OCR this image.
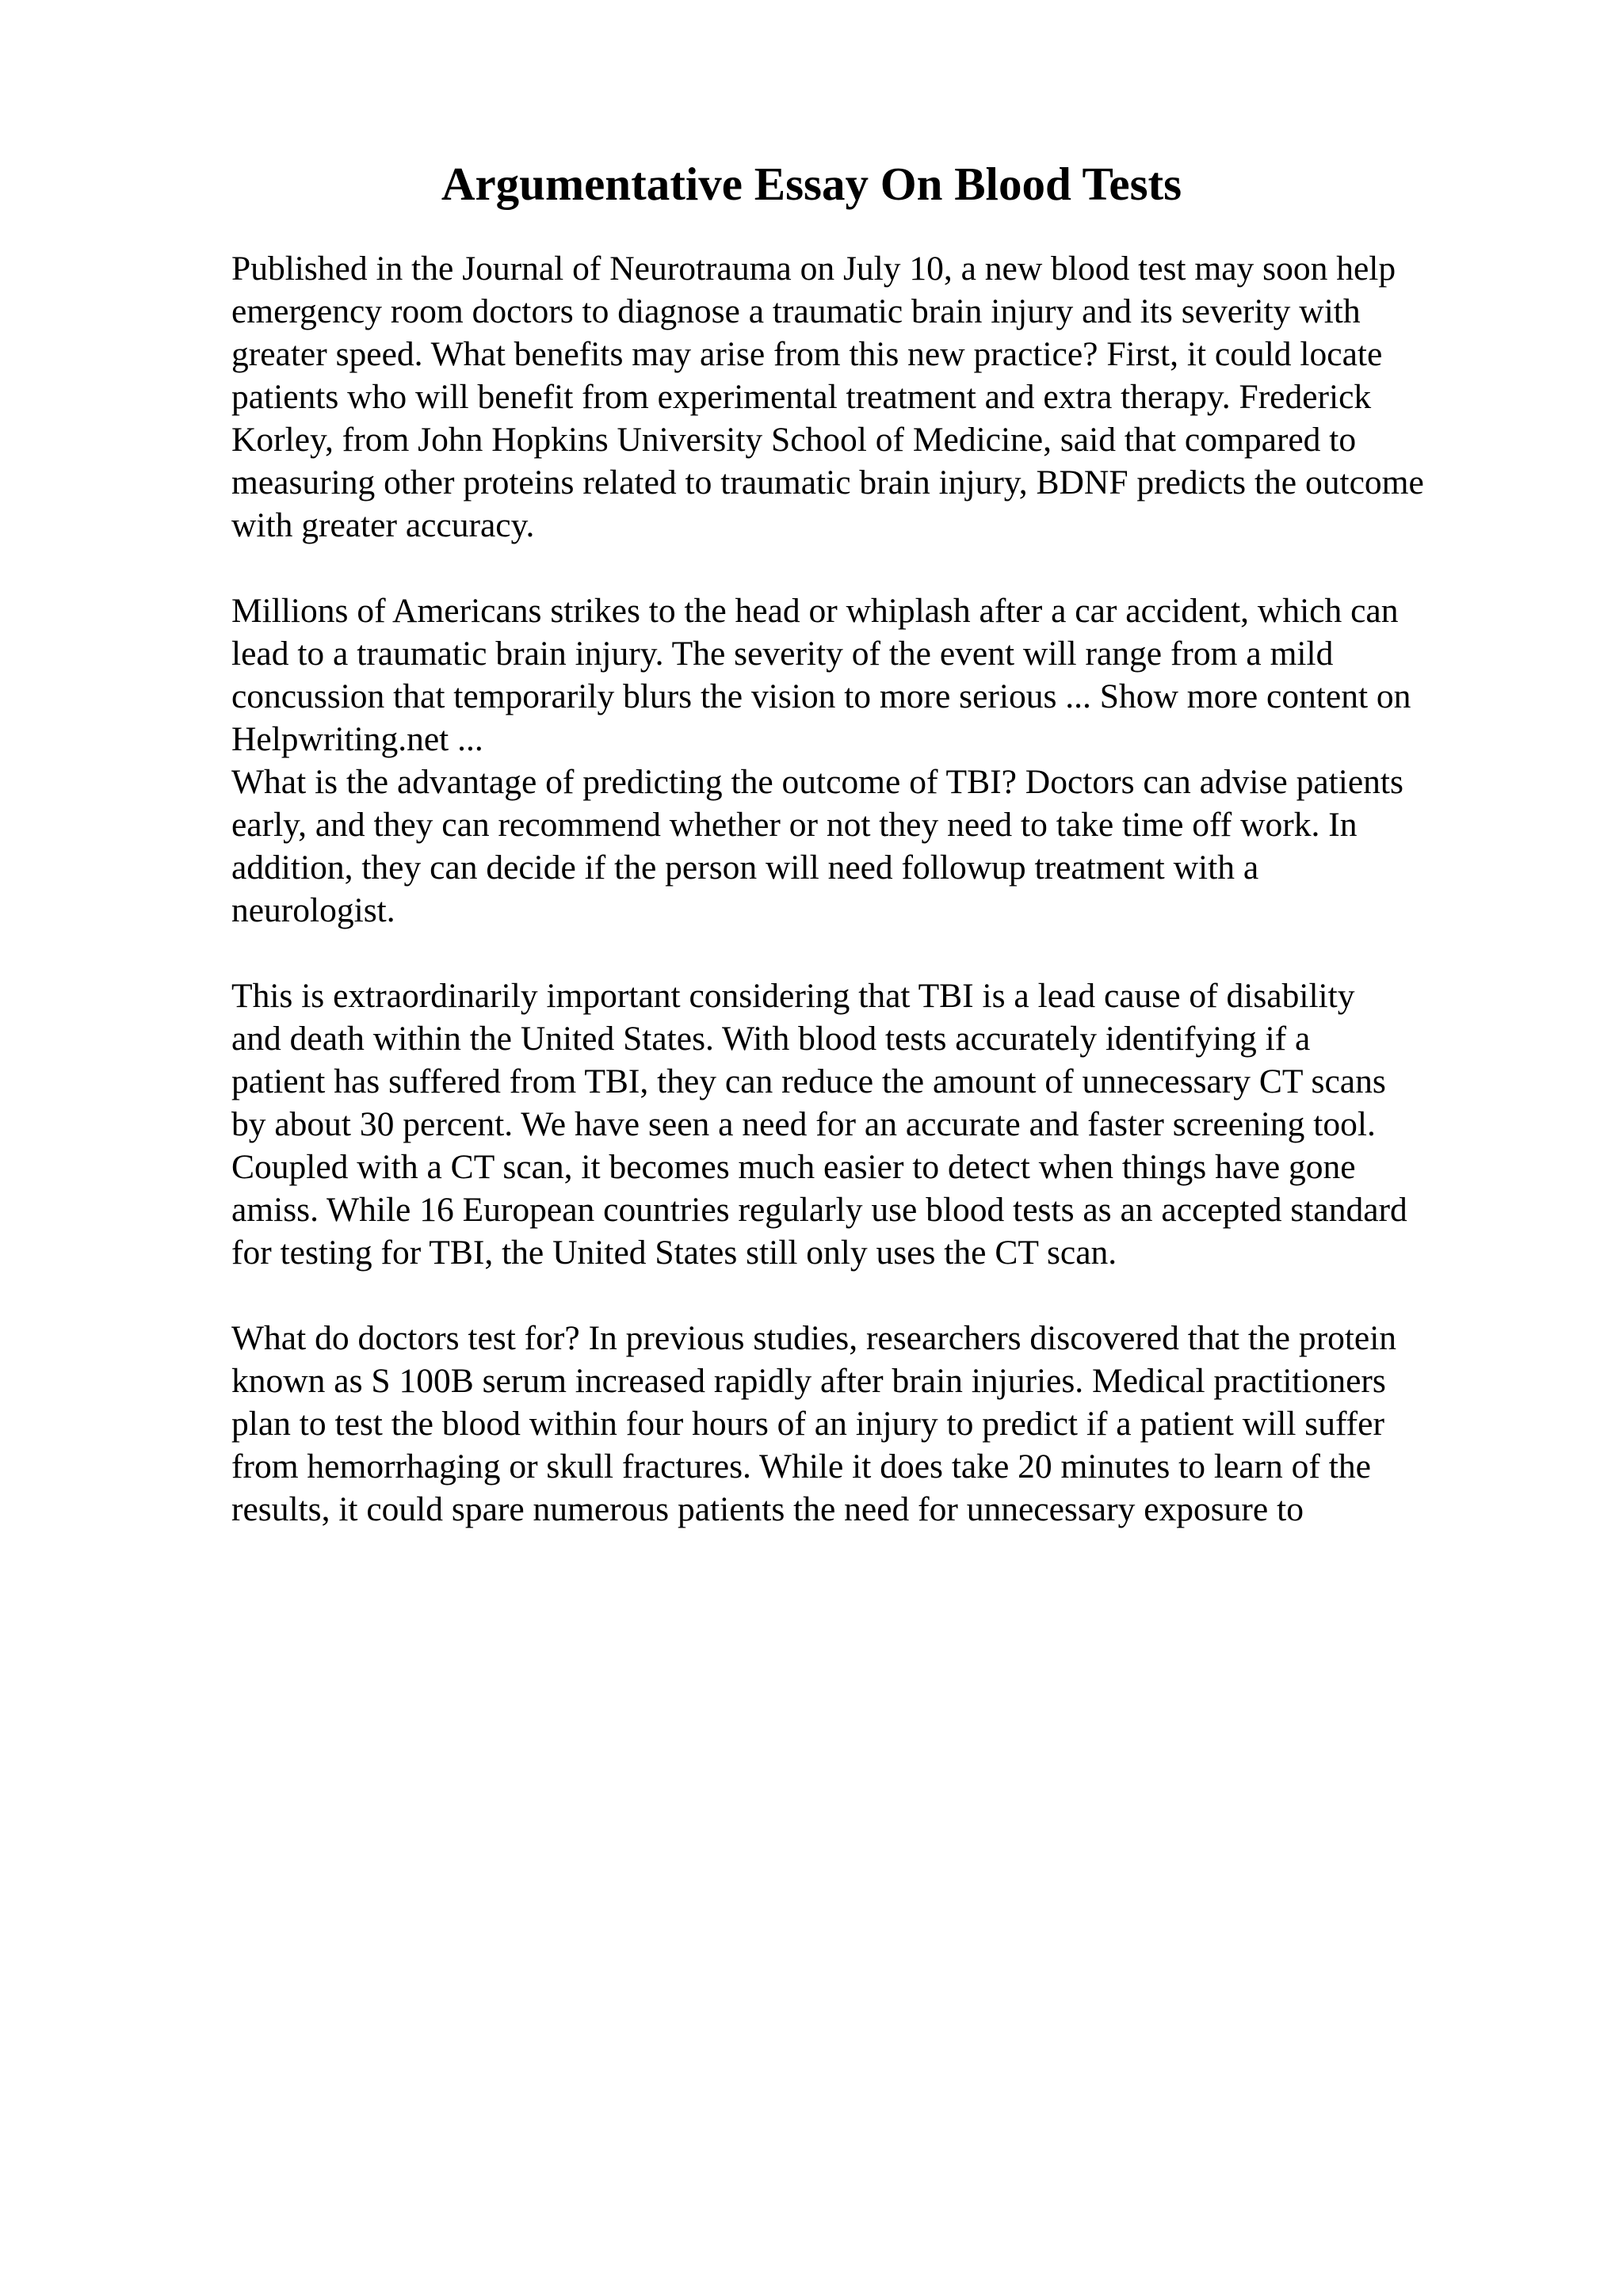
Argumentative Essay On Blood Tests
Published in the Journal of Neurotrauma on July 10, a new blood test may soon help
emergency room doctors to diagnose a traumatic brain injury and its severity with
greater speed. What benefits may arise from this new practice? First, it could locate
patients who will benefit from experimental treatment and extra therapy. Frederick
Korley, from John Hopkins University School of Medicine, said that compared to
measuring other proteins related to traumatic brain injury, BDNF predicts the outcome
with greater accuracy.
Millions of Americans strikes to the head or whiplash after a car accident, which can
lead to a traumatic brain injury. The severity of the event will range from a mild
concussion that temporarily blurs the vision to more serious ... Show more content on
Helpwriting.net ...
What is the advantage of predicting the outcome of TBI? Doctors can advise patients
early, and they can recommend whether or not they need to take time off work. In
addition, they can decide if the person will need followup treatment with a
neurologist.
This is extraordinarily important considering that TBI is a lead cause of disability
and death within the United States. With blood tests accurately identifying if a
patient has suffered from TBI, they can reduce the amount of unnecessary CT scans
by about 30 percent. We have seen a need for an accurate and faster screening tool.
Coupled with a CT scan, it becomes much easier to detect when things have gone
amiss. While 16 European countries regularly use blood tests as an accepted standard
for testing for TBI, the United States still only uses the CT scan.
What do doctors test for? In previous studies, researchers discovered that the protein
known as S 100B serum increased rapidly after brain injuries. Medical practitioners
plan to test the blood within four hours of an injury to predict if a patient will suffer
from hemorrhaging or skull fractures. While it does take 20 minutes to learn of the
results, it could spare numerous patients the need for unnecessary exposure to
